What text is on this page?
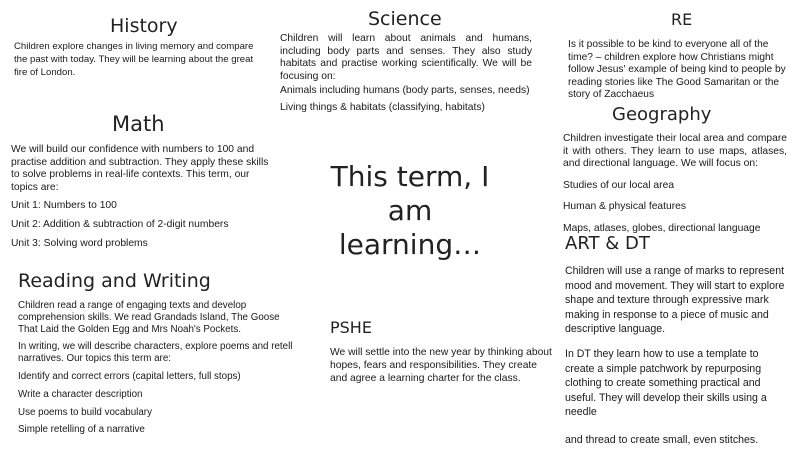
History

Children explore changes in living memory and compare the past with today. They will be learning about the great fire of London.

Science

Children will learn about animals and humans, including body parts and senses. They also study habitats and practise working scientifically. We will be focusing on:

Animals including humans (body parts, senses, needs)

Living things & habitats (classifying, habitats)

RE

Is it possible to be kind to everyone all of the time? – children explore how Christians might follow Jesus' example of being kind to people by reading stories like The Good Samaritan or the story of Zacchaeus

Math

We will build our confidence with numbers to 100 and practise addition and subtraction. They apply these skills to solve problems in real-life contexts. This term, our topics are:

Unit 1: Numbers to 100

Unit 2: Addition & subtraction of 2-digit numbers

Unit 3: Solving word problems

Geography

Children investigate their local area and compare it with others. They learn to use maps, atlases, and directional language. We will focus on:

Studies of our local area

Human & physical features

Maps, atlases, globes, directional language

This term, I

am

learning…	ART & DT

Children will use a range of marks to represent mood and movement. They will start to explore shape and texture through expressive mark making in response to a piece of music and descriptive language.

In DT they learn how to use a template to create a simple patchwork by repurposing clothing to create something practical and useful. They will develop their skills using a needle

and thread to create small, even stitches.

Reading and Writing

Children read a range of engaging texts and develop comprehension skills. We read Grandads Island, The Goose That Laid the Golden Egg and Mrs Noah's Pockets.

In writing, we will describe characters, explore poems and retell narratives. Our topics this term are:

Identify and correct errors (capital letters, full stops)

Write a character description

Use poems to build vocabulary

Simple retelling of a narrative

PSHE

We will settle into the new year by thinking about hopes, fears and responsibilities. They create and agree a learning charter for the class.
